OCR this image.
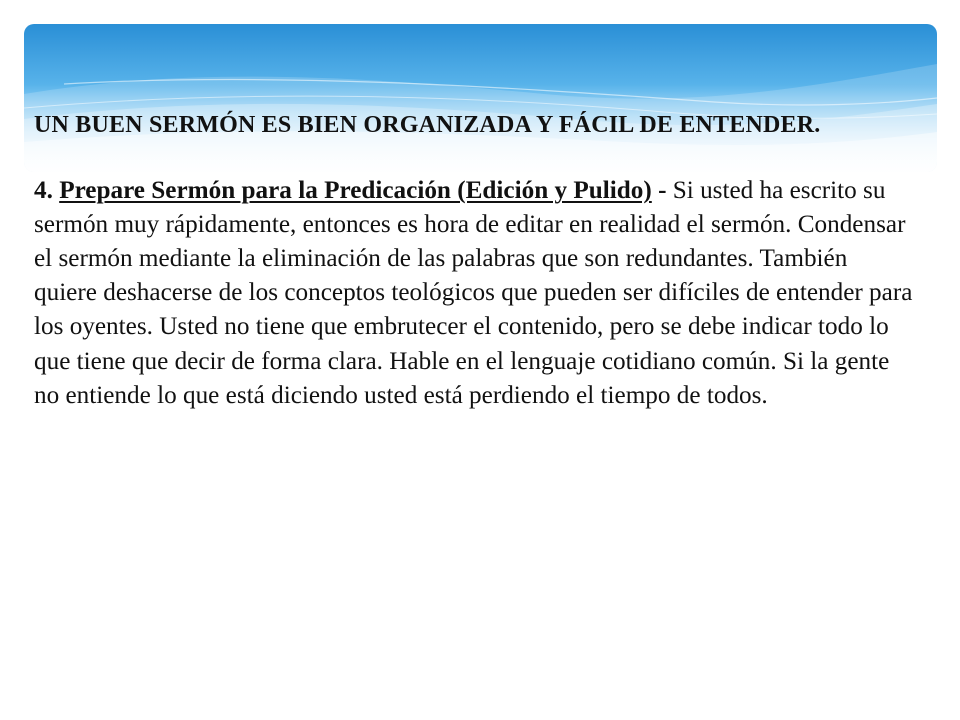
UN BUEN SERMÓN ES BIEN ORGANIZADA Y FÁCIL DE ENTENDER.

4. Prepare Sermón para la Predicación (Edición y Pulido) - Si usted ha escrito su sermón muy rápidamente, entonces es hora de editar en realidad el sermón. Condensar el sermón mediante la eliminación de las palabras que son redundantes. También quiere deshacerse de los conceptos teológicos que pueden ser difíciles de entender para los oyentes. Usted no tiene que embrutecer el contenido, pero se debe indicar todo lo que tiene que decir de forma clara. Hable en el lenguaje cotidiano común. Si la gente no entiende lo que está diciendo usted está perdiendo el tiempo de todos.
